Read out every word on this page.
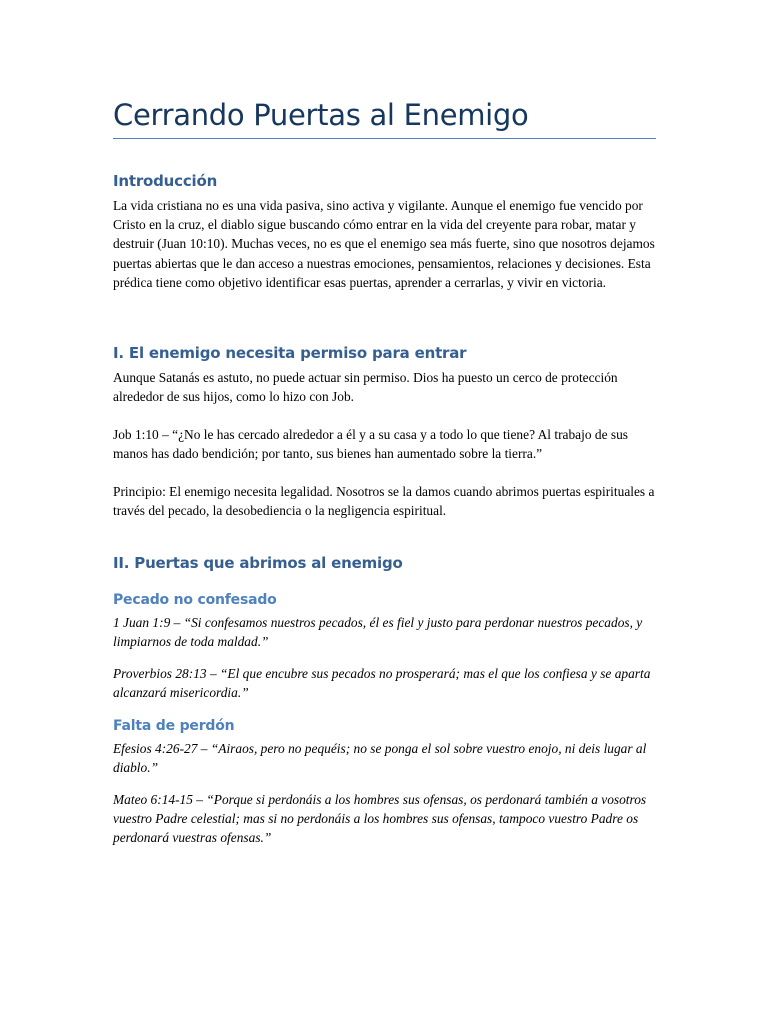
Cerrando Puertas al Enemigo
Introducción

La vida cristiana no es una vida pasiva, sino activa y vigilante. Aunque el enemigo fue vencido por Cristo en la cruz, el diablo sigue buscando cómo entrar en la vida del creyente para robar, matar y destruir (Juan 10:10). Muchas veces, no es que el enemigo sea más fuerte, sino que nosotros dejamos puertas abiertas que le dan acceso a nuestras emociones, pensamientos, relaciones y decisiones. Esta prédica tiene como objetivo identificar esas puertas, aprender a cerrarlas, y vivir en victoria.

I. El enemigo necesita permiso para entrar

Aunque Satanás es astuto, no puede actuar sin permiso. Dios ha puesto un cerco de protección alrededor de sus hijos, como lo hizo con Job.

Job 1:10 – “¿No le has cercado alrededor a él y a su casa y a todo lo que tiene? Al trabajo de sus manos has dado bendición; por tanto, sus bienes han aumentado sobre la tierra.”

Principio: El enemigo necesita legalidad. Nosotros se la damos cuando abrimos puertas espirituales a través del pecado, la desobediencia o la negligencia espiritual.

II. Puertas que abrimos al enemigo
Pecado no confesado

1 Juan 1:9 – “Si confesamos nuestros pecados, él es fiel y justo para perdonar nuestros pecados, y limpiarnos de toda maldad.”

Proverbios 28:13 – “El que encubre sus pecados no prosperará; mas el que los confiesa y se aparta alcanzará misericordia.”

Falta de perdón

Efesios 4:26-27 – “Airaos, pero no pequéis; no se ponga el sol sobre vuestro enojo, ni deis lugar al diablo.”

Mateo 6:14-15 – “Porque si perdonáis a los hombres sus ofensas, os perdonará también a vosotros vuestro Padre celestial; mas si no perdonáis a los hombres sus ofensas, tampoco vuestro Padre os perdonará vuestras ofensas.”
